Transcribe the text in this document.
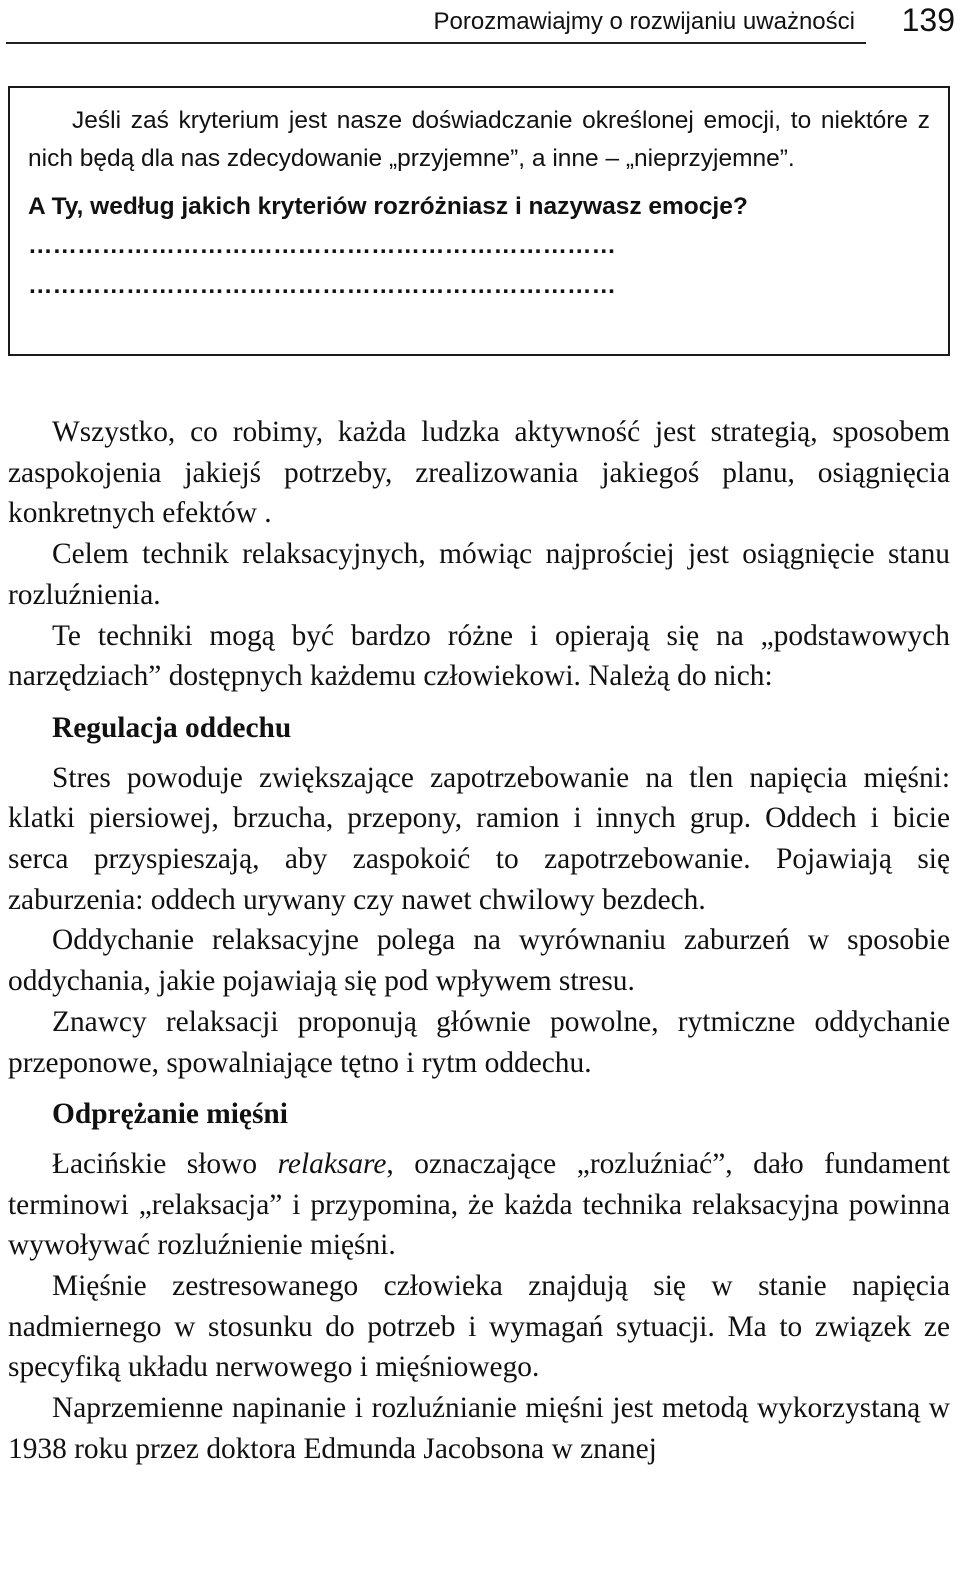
Porozmawiajmy o rozwijaniu uważności	139

Jeśli zaś kryterium jest nasze doświadczanie określonej emocji, to niektóre z nich będą dla nas zdecydowanie „przyjemne”, a inne – „nieprzyjemne”.

A Ty, według jakich kryteriów rozróżniasz i nazywasz emocje?

………………………………………………………………
………………………………………………………………

Wszystko, co robimy, każda ludzka aktywność jest strategią, sposobem zaspokojenia jakiejś potrzeby, zrealizowania jakiegoś planu, osiągnięcia konkretnych efektów .

Celem technik relaksacyjnych, mówiąc najprościej jest osiągnięcie stanu rozluźnienia.

Te techniki mogą być bardzo różne i opierają się na „podstawowych narzędziach” dostępnych każdemu człowiekowi. Należą do nich:

Regulacja oddechu

Stres powoduje zwiększające zapotrzebowanie na tlen napięcia mięśni: klatki piersiowej, brzucha, przepony, ramion i innych grup. Oddech i bicie serca przyspieszają, aby zaspokoić to zapotrzebowanie. Pojawiają się zaburzenia: oddech urywany czy nawet chwilowy bezdech.

Oddychanie relaksacyjne polega na wyrównaniu zaburzeń w sposobie oddychania, jakie pojawiają się pod wpływem stresu.

Znawcy relaksacji proponują głównie powolne, rytmiczne oddychanie przeponowe, spowalniające tętno i rytm oddechu.

Odprężanie mięśni

Łacińskie słowo relaksare, oznaczające „rozluźniać”, dało fundament terminowi „relaksacja” i przypomina, że każda technika relaksacyjna powinna wywoływać rozluźnienie mięśni.

Mięśnie zestresowanego człowieka znajdują się w stanie napięcia nadmiernego w stosunku do potrzeb i wymagań sytuacji. Ma to związek ze specyfiką układu nerwowego i mięśniowego.

Naprzemienne napinanie i rozluźnianie mięśni jest metodą wykorzystaną w 1938 roku przez doktora Edmunda Jacobsona w znanej
